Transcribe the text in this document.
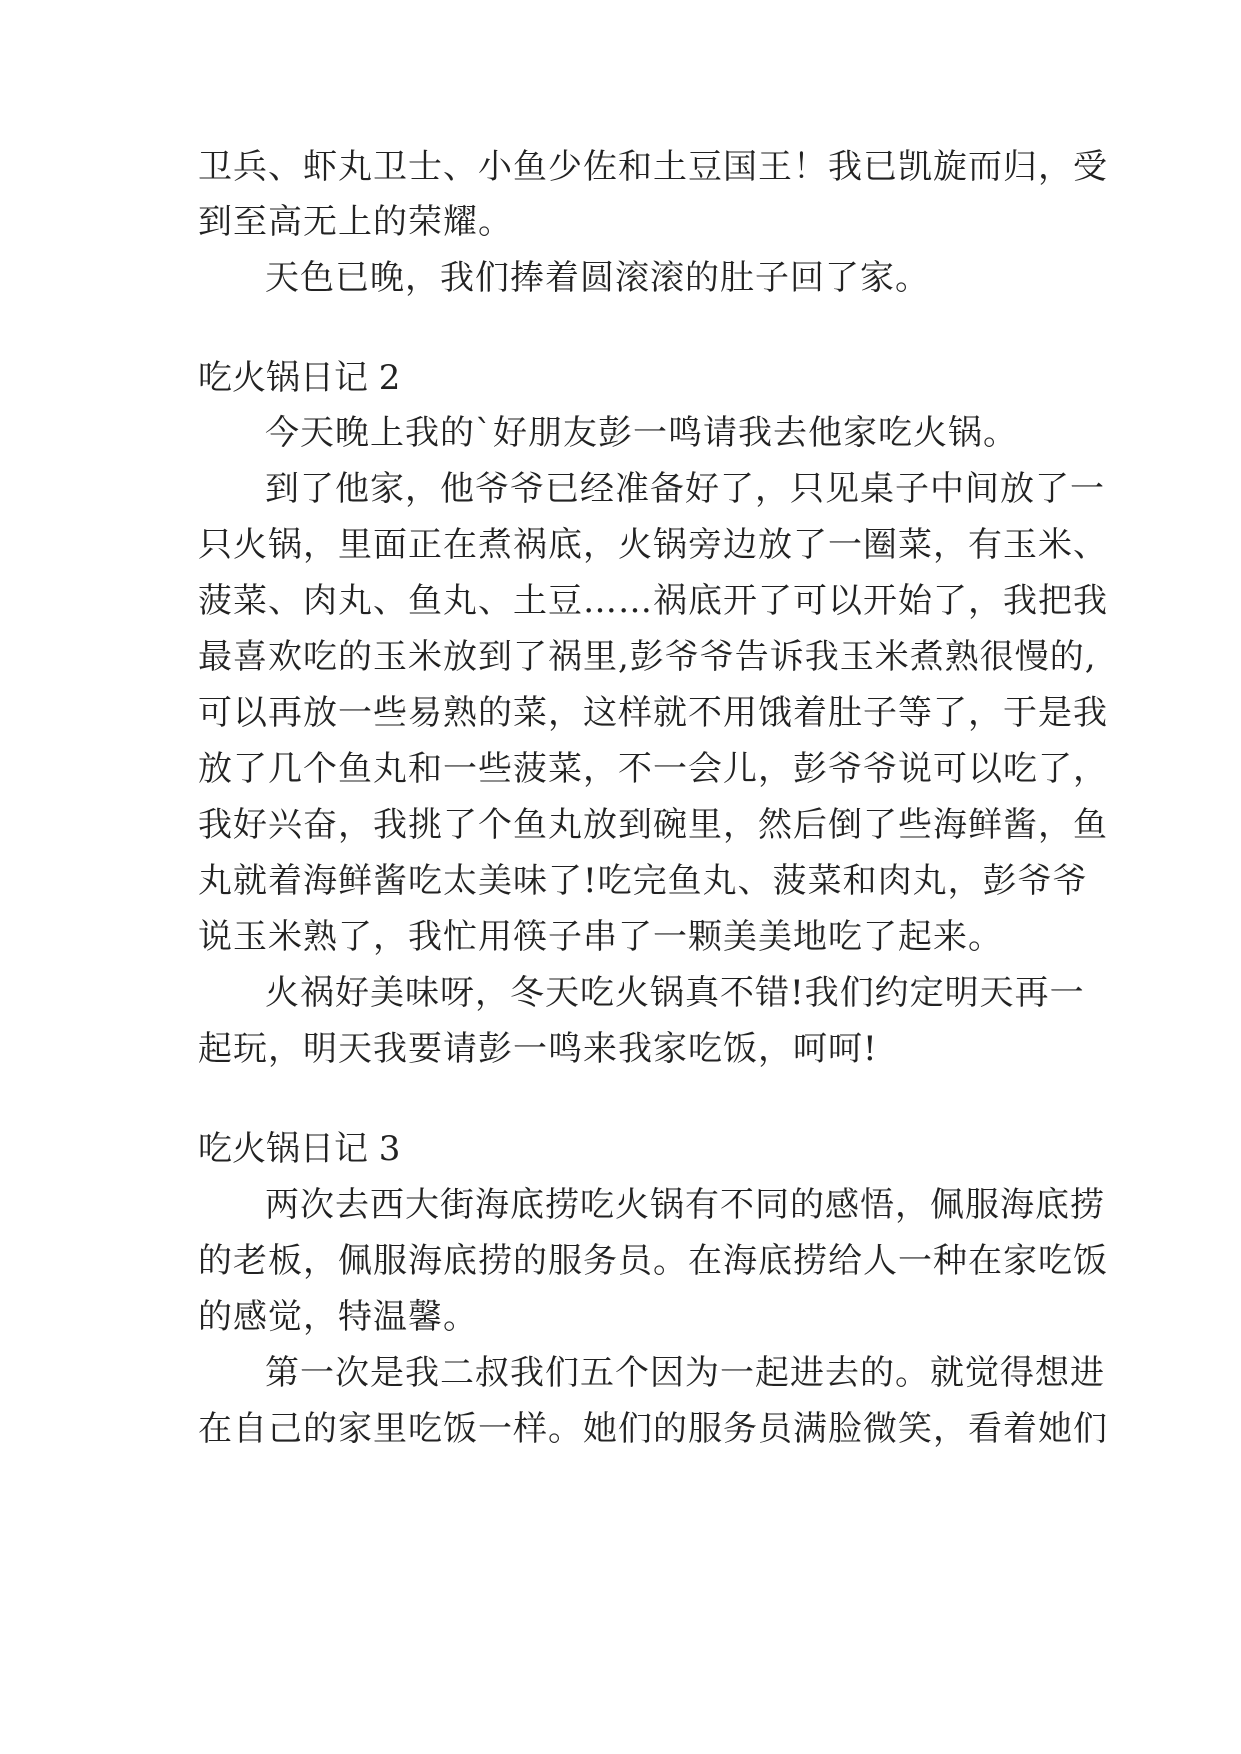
卫兵、虾丸卫士、小鱼少佐和土豆国王！我已凯旋而归，受
到至高无上的荣耀。
天色已晚，我们捧着圆滚滚的肚子回了家。
吃火锅日记 2
今天晚上我的`好朋友彭一鸣请我去他家吃火锅。
到了他家，他爷爷已经准备好了，只见桌子中间放了一
只火锅，里面正在煮祸底，火锅旁边放了一圈菜，有玉米、
菠菜、肉丸、鱼丸、土豆……祸底开了可以开始了，我把我
最喜欢吃的玉米放到了祸里,彭爷爷告诉我玉米煮熟很慢的,
可以再放一些易熟的菜，这样就不用饿着肚子等了，于是我
放了几个鱼丸和一些菠菜，不一会儿，彭爷爷说可以吃了，
我好兴奋，我挑了个鱼丸放到碗里，然后倒了些海鲜酱，鱼
丸就着海鲜酱吃太美味了!吃完鱼丸、菠菜和肉丸，彭爷爷
说玉米熟了，我忙用筷子串了一颗美美地吃了起来。
火祸好美味呀，冬天吃火锅真不错!我们约定明天再一
起玩，明天我要请彭一鸣来我家吃饭，呵呵!
吃火锅日记 3
两次去西大街海底捞吃火锅有不同的感悟，佩服海底捞
的老板，佩服海底捞的服务员。在海底捞给人一种在家吃饭
的感觉，特温馨。
第一次是我二叔我们五个因为一起进去的。就觉得想进
在自己的家里吃饭一样。她们的服务员满脸微笑，看着她们
